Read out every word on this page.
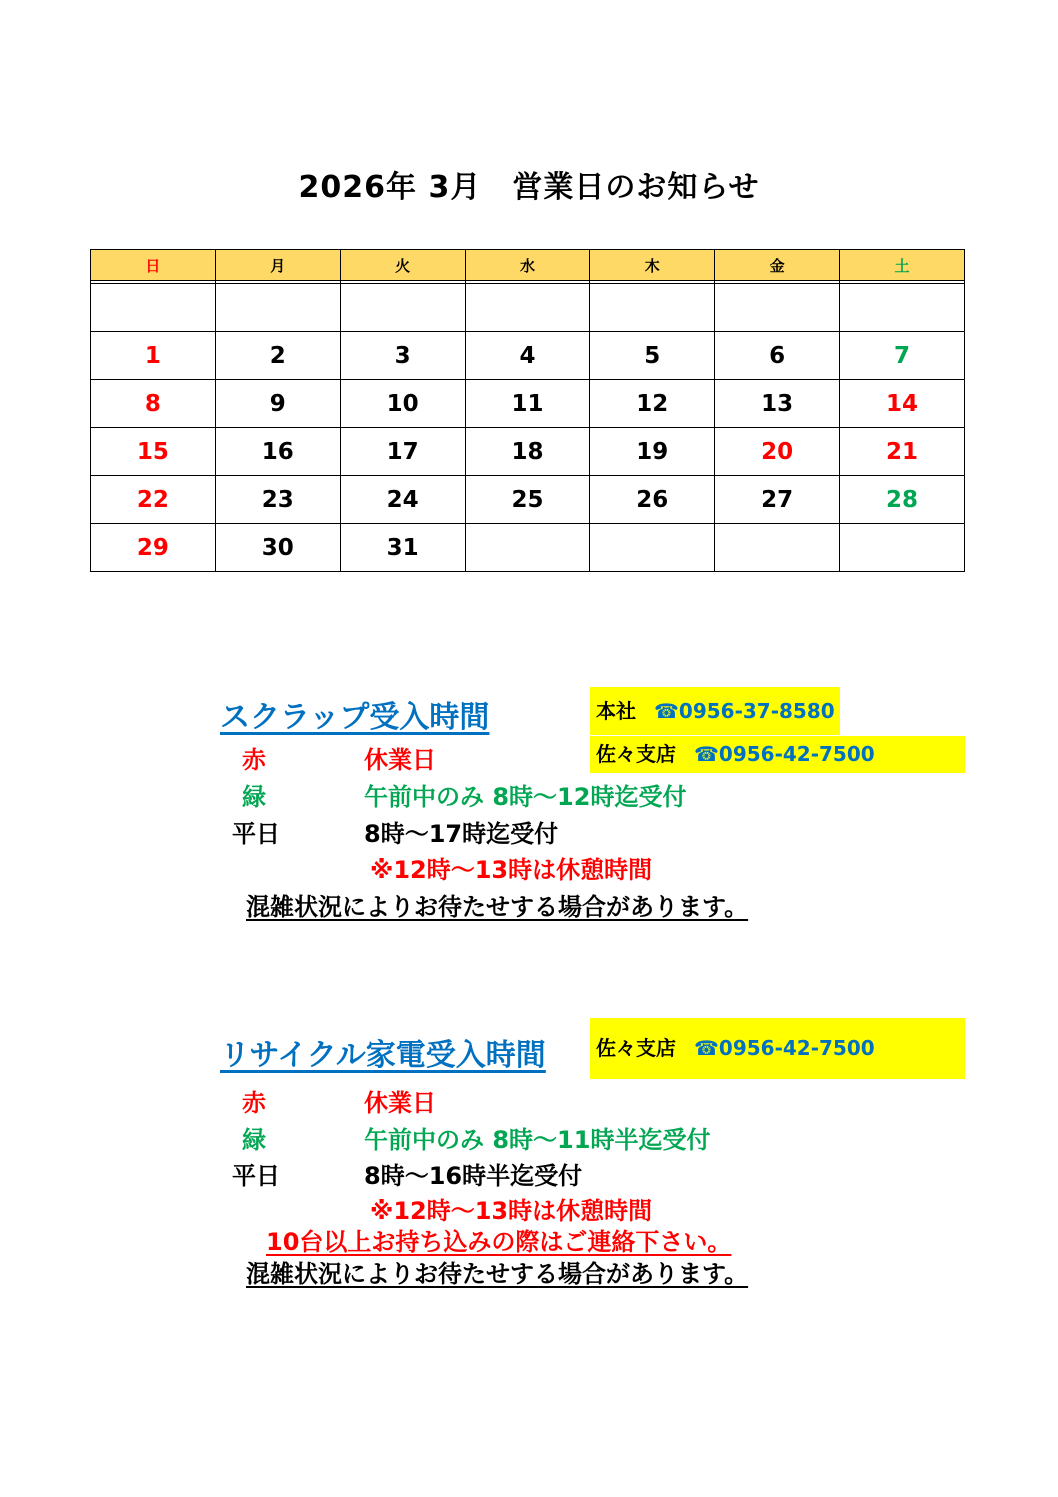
2026年 3月　営業日のお知らせ
日	月	火	水	木	金	土

1	2	3	4	5	6	7
8	9	10	11	12	13	14
15	16	17	18	19	20	21
22	23	24	25	26	27	28
29	30	31				
スクラップ受入時間	本社 ☎0956-37-8580
佐々支店 ☎0956-42-7500
赤	休業日
緑	午前中のみ 8時～12時迄受付
平日	8時～17時迄受付
※12時～13時は休憩時間
混雑状況によりお待たせする場合があります。
リサイクル家電受入時間	佐々支店 ☎0956-42-7500
赤	休業日
緑	午前中のみ 8時～11時半迄受付
平日	8時～16時半迄受付
※12時～13時は休憩時間
10台以上お持ち込みの際はご連絡下さい。
混雑状況によりお待たせする場合があります。
